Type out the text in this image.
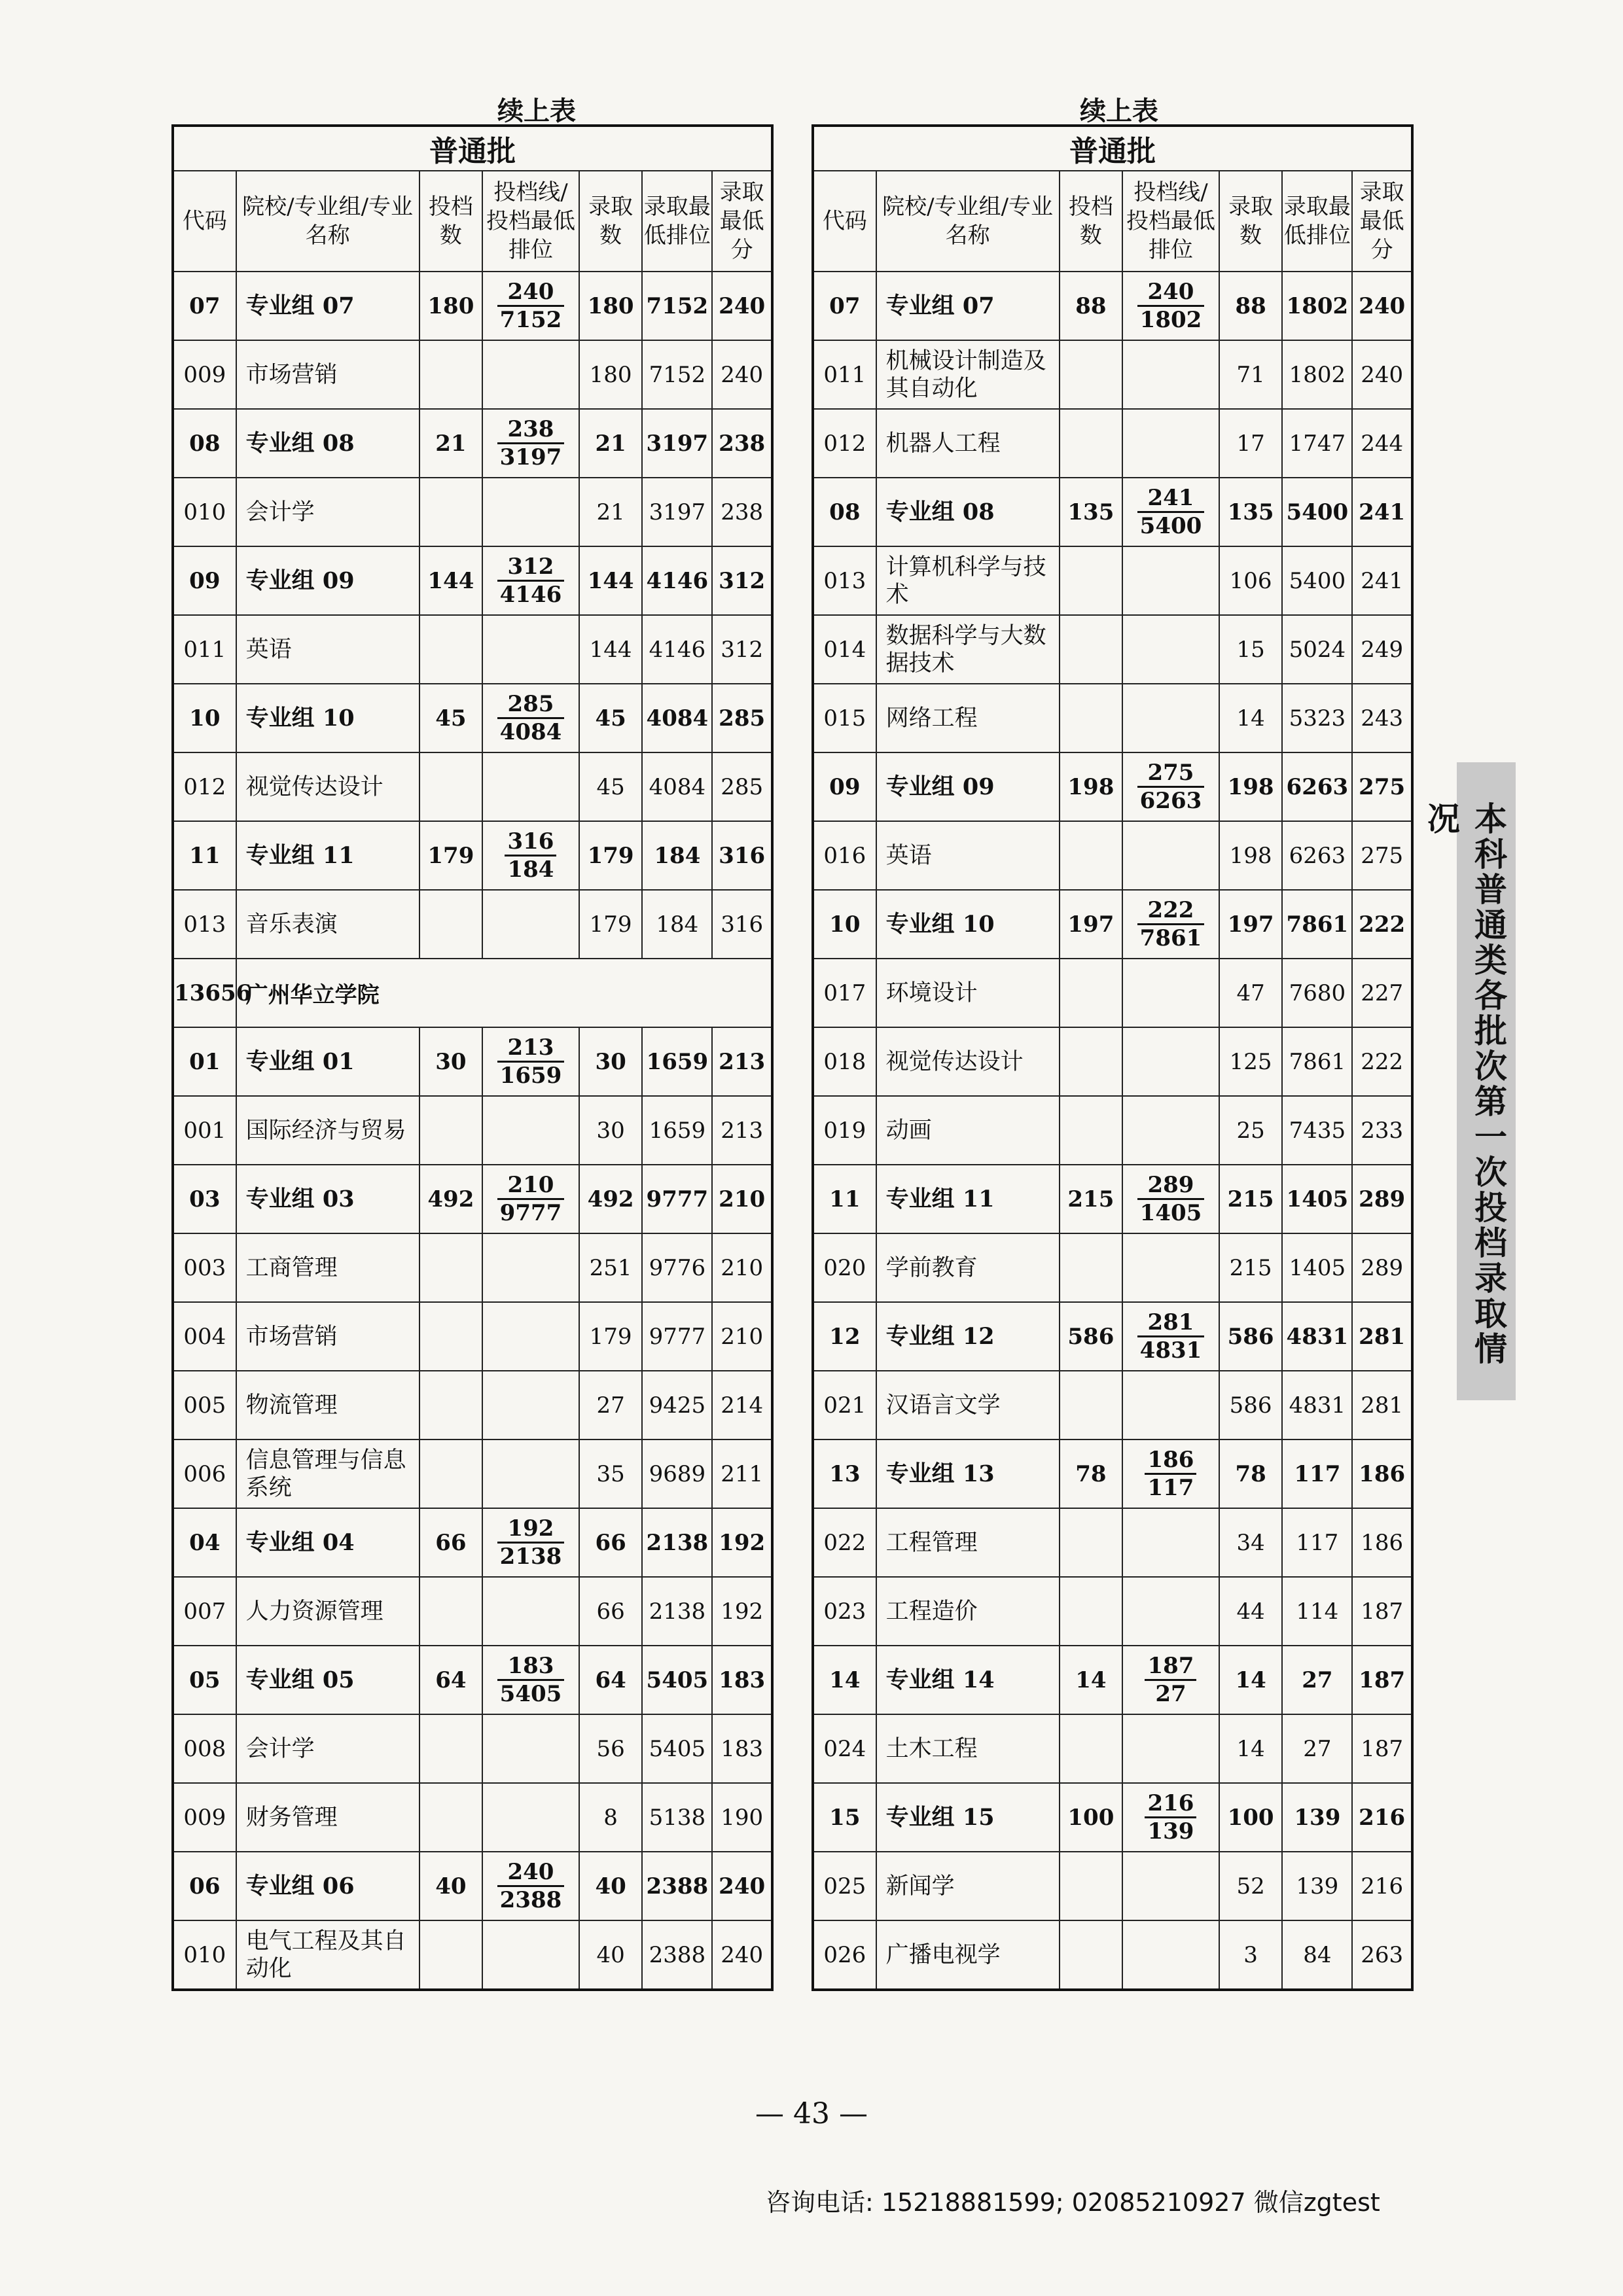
续上表	续上表
普通批						
代码	院校/专业组/专业名称	投档数	投档线/投档最低排位	录取数	录取最低排位	录取最低分
07	专业组 07	180	$\frac{240}{7152}$	180	7152	240
009	市场营销			180	7152	240
08	专业组 08	21	$\frac{238}{3197}$	21	3197	238
010	会计学			21	3197	238
09	专业组 09	144	$\frac{312}{4146}$	144	4146	312
011	英语			144	4146	312
10	专业组 10	45	$\frac{285}{4084}$	45	4084	285
012	视觉传达设计			45	4084	285
11	专业组 11	179	$\frac{316}{184}$	179	184	316
013	音乐表演			179	184	316
13656	广州华立学院					
01	专业组 01	30	$\frac{213}{1659}$	30	1659	213
001	国际经济与贸易			30	1659	213
03	专业组 03	492	$\frac{210}{9777}$	492	9777	210
003	工商管理			251	9776	210
004	市场营销			179	9777	210
005	物流管理			27	9425	214
006	信息管理与信息系统			35	9689	211
04	专业组 04	66	$\frac{192}{2138}$	66	2138	192
007	人力资源管理			66	2138	192
05	专业组 05	64	$\frac{183}{5405}$	64	5405	183
008	会计学			56	5405	183
009	财务管理			8	5138	190
06	专业组 06	40	$\frac{240}{2388}$	40	2388	240
010	电气工程及其自动化			40	2388	240
普通批						
代码	院校/专业组/专业名称	投档数	投档线/投档最低排位	录取数	录取最低排位	录取最低分
07	专业组 07	88	$\frac{240}{1802}$	88	1802	240
011	机械设计制造及其自动化			71	1802	240
012	机器人工程			17	1747	244
08	专业组 08	135	$\frac{241}{5400}$	135	5400	241
013	计算机科学与技术			106	5400	241
014	数据科学与大数据技术			15	5024	249
015	网络工程			14	5323	243
09	专业组 09	198	$\frac{275}{6263}$	198	6263	275
016	英语			198	6263	275
10	专业组 10	197	$\frac{222}{7861}$	197	7861	222
017	环境设计			47	7680	227
018	视觉传达设计			125	7861	222
019	动画			25	7435	233
11	专业组 11	215	$\frac{289}{1405}$	215	1405	289
020	学前教育			215	1405	289
12	专业组 12	586	$\frac{281}{4831}$	586	4831	281
021	汉语言文学			586	4831	281
13	专业组 13	78	$\frac{186}{117}$	78	117	186
022	工程管理			34	117	186
023	工程造价			44	114	187
14	专业组 14	14	$\frac{187}{27}$	14	27	187
024	土木工程			14	27	187
15	专业组 15	100	$\frac{216}{139}$	100	139	216
025	新闻学			52	139	216
026	广播电视学			3	84	263
本科普通类各批次第一次投档录取情况
— 43 —
咨询电话: 15218881599; 02085210927 微信zgtest
